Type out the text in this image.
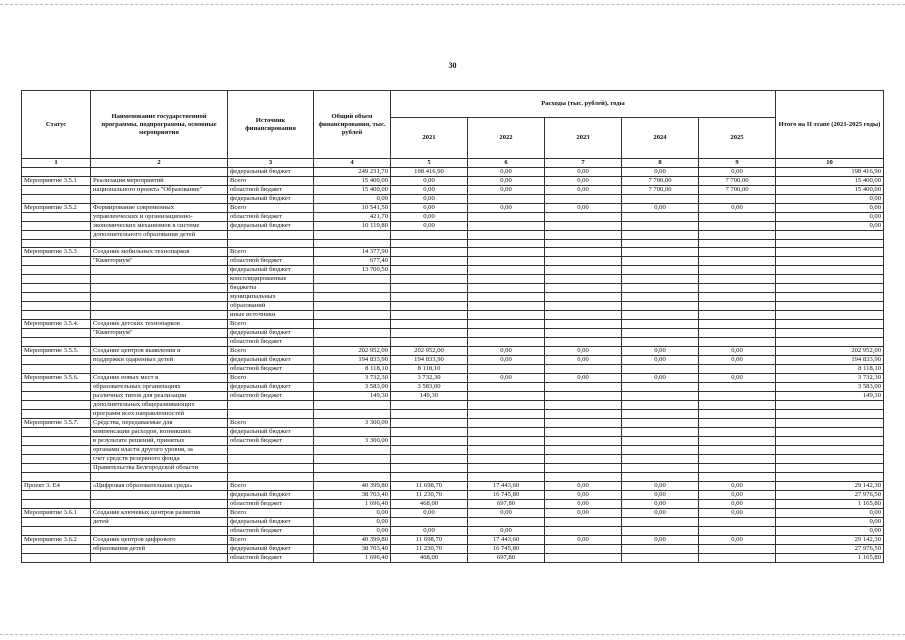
30
Статус	Наименование государственной программы, подпрограммы, основные мероприятия	Источник финансирования	Общий объем финансирования, тыс. рублей	Расходы (тыс. рублей), годы					Итого на II этапе (2021-2025 годы)
				2021	2022	2023	2024	2025	
1	2	3	4	5	6	7	8	9	10
		федеральный бюджет	249 231,70	198 416,90	0,00	0,00	0,00	0,00	198 416,90
Мероприятие 3.5.1	Реализация мероприятий	Всего	15 400,00	0,00	0,00	0,00	7 700,00	7 700,00	15 400,00
	национального проекта "Образование"	областной бюджет	15 400,00	0,00	0,00	0,00	7 700,00	7 700,00	15 400,00
		федеральный бюджет	0,00	0,00					0,00
Мероприятие 3.5.2	Формирование современных	Всего	10 541,50	0,00	0,00	0,00	0,00	0,00	0,00
	управленческих и организационно-	областной бюджет	421,70	0,00					0,00
	экономических механизмов в системе	федеральный бюджет	10 119,80	0,00					0,00
	дополнительного образования детей								

Мероприятие 3.5.3	Создание мобильных технопарков	Всего	14 377,90						
	"Кванториум"	областной бюджет	677,40						
		федеральный бюджет	13 700,50						
		консолидированные							
		бюджеты							
		муниципальных							
		образований							
		иные источники							
Мероприятие 3.5.4.	Создание детских технопарков	Всего							
	"Кванториум"	федеральный бюджет							
		областной бюджет							
Мероприятие 3.5.5.	Создание центров выявления и	Всего	202 952,00	202 952,00	0,00	0,00	0,00	0,00	202 952,00
	поддержки одаренных детей	федеральный бюджет	194 833,90	194 833,90	0,00	0,00	0,00	0,00	194 833,90
		областной бюджет	8 118,10	8 118,10					8 118,10
Мероприятие 3.5.6.	Создание новых мест в	Всего	3 732,30	3 732,30	0,00	0,00	0,00	0,00	3 732,30
	образовательных организациях	федеральный бюджет	3 583,00	3 583,00					3 583,00
	различных типов для реализации	областной бюджет	149,30	149,30					149,30
	дополнительных общеразвивающих								
	программ всех направленностей								
Мероприятие 3.5.7.	Средства, передаваемые для	Всего	3 300,00						
	компенсации расходов, возникших	федеральный бюджет							
	в результате решений, принятых	областной бюджет	3 300,00						
	органами власти другого уровня, за								
	счет средств резервного фонда								
	Правительства Белгородской области								

Проект 3. Е4	«Цифровая образовательная среда»	Всего	40 399,80	11 698,70	17 443,60	0,00	0,00	0,00	29 142,30
		федеральный бюджет	38 703,40	11 230,70	16 745,80	0,00	0,00	0,00	27 976,50
		областной бюджет	1 696,40	468,00	697,80	0,00	0,00	0,00	1 165,80
Мероприятие 3.6.1	Создание ключевых центров развития	Всего	0,00	0,00	0,00	0,00	0,00	0,00	0,00
	детей	федеральный бюджет	0,00						0,00
		областной бюджет	0,00	0,00	0,00				0,00
Мероприятие 3.6.2	Создание центров цифрового	Всего	40 399,80	11 698,70	17 443,60	0,00	0,00	0,00	29 142,30
	образования детей	федеральный бюджет	38 703,40	11 230,70	16 745,80				27 976,50
		областной бюджет	1 696,40	468,00	697,80				1 165,80
